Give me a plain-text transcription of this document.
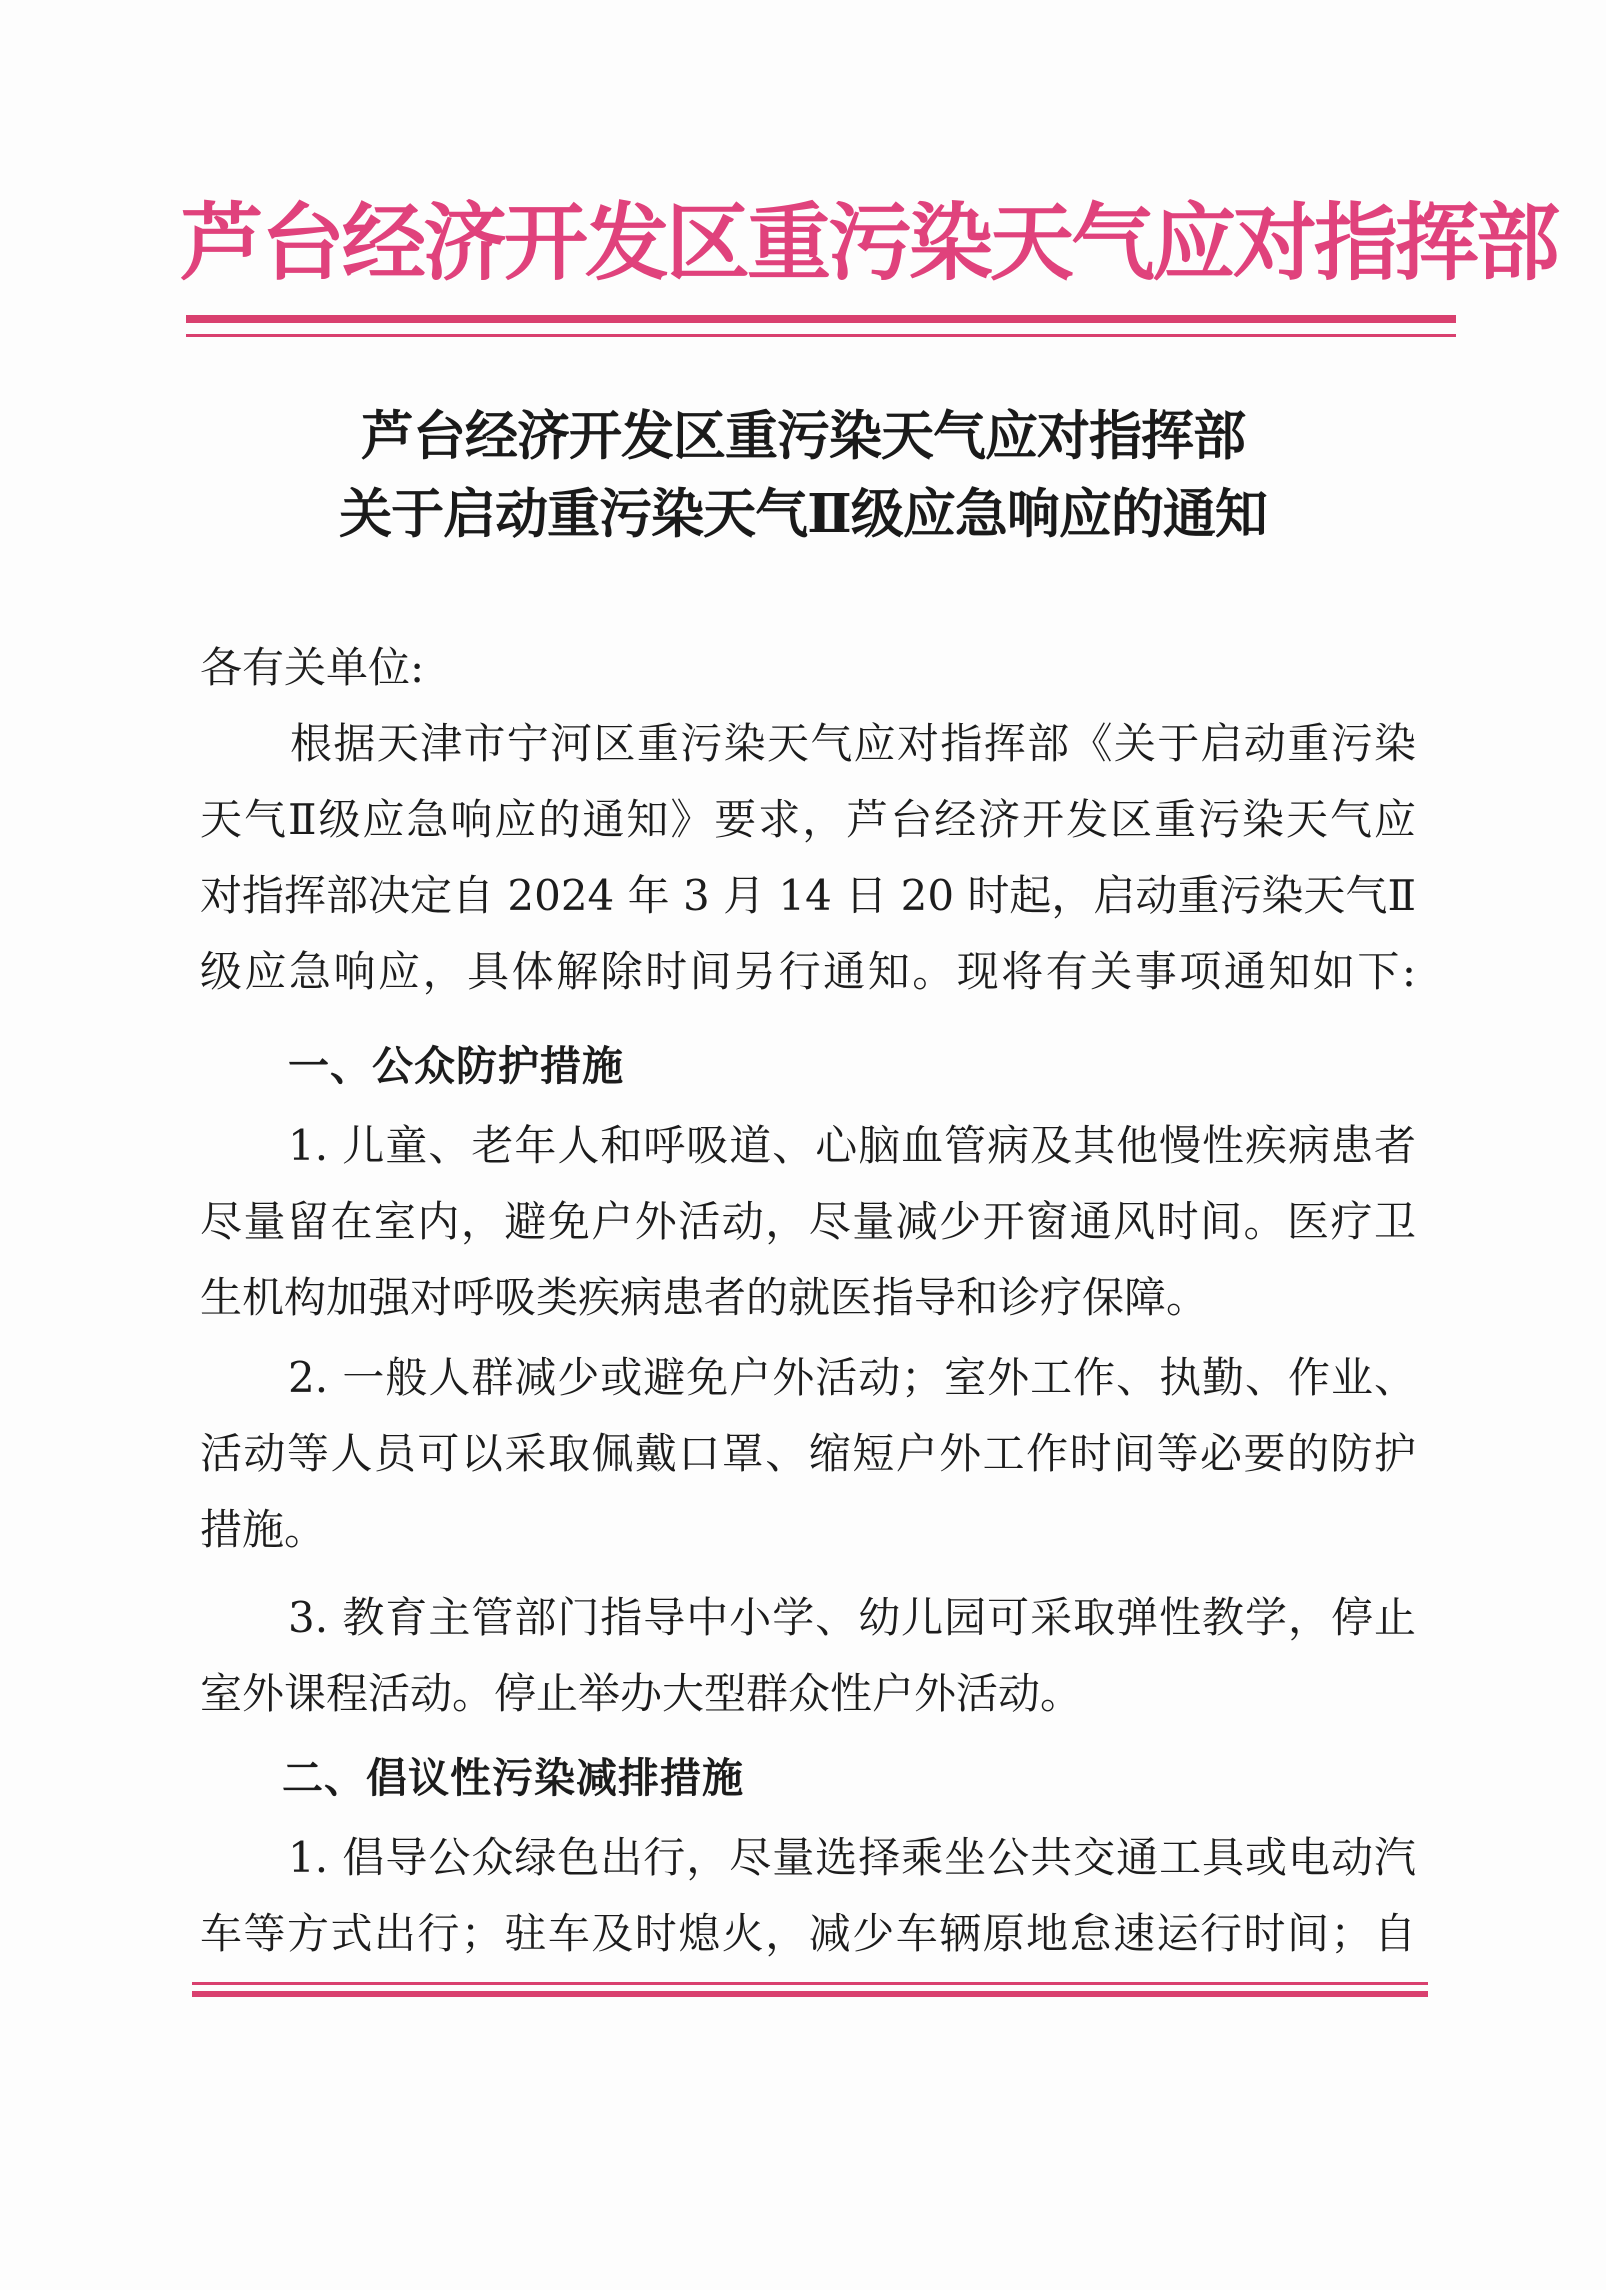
芦台经济开发区重污染天气应对指挥部
芦台经济开发区重污染天气应对指挥部
关于启动重污染天气Ⅱ级应急响应的通知
各有关单位:
根据天津市宁河区重污染天气应对指挥部《关于启动重污染
天气Ⅱ级应急响应的通知》要求，芦台经济开发区重污染天气应
对指挥部决定自 2024 年 3 月 14 日 20 时起，启动重污染天气Ⅱ
级应急响应，具体解除时间另行通知。现将有关事项通知如下:
一、公众防护措施
1. 儿童、老年人和呼吸道、心脑血管病及其他慢性疾病患者
尽量留在室内，避免户外活动，尽量减少开窗通风时间。医疗卫
生机构加强对呼吸类疾病患者的就医指导和诊疗保障。
2. 一般人群减少或避免户外活动；室外工作、执勤、作业、
活动等人员可以采取佩戴口罩、缩短户外工作时间等必要的防护
措施。
3. 教育主管部门指导中小学、幼儿园可采取弹性教学，停止
室外课程活动。停止举办大型群众性户外活动。
二、倡议性污染减排措施
1. 倡导公众绿色出行，尽量选择乘坐公共交通工具或电动汽
车等方式出行；驻车及时熄火，减少车辆原地怠速运行时间；自
